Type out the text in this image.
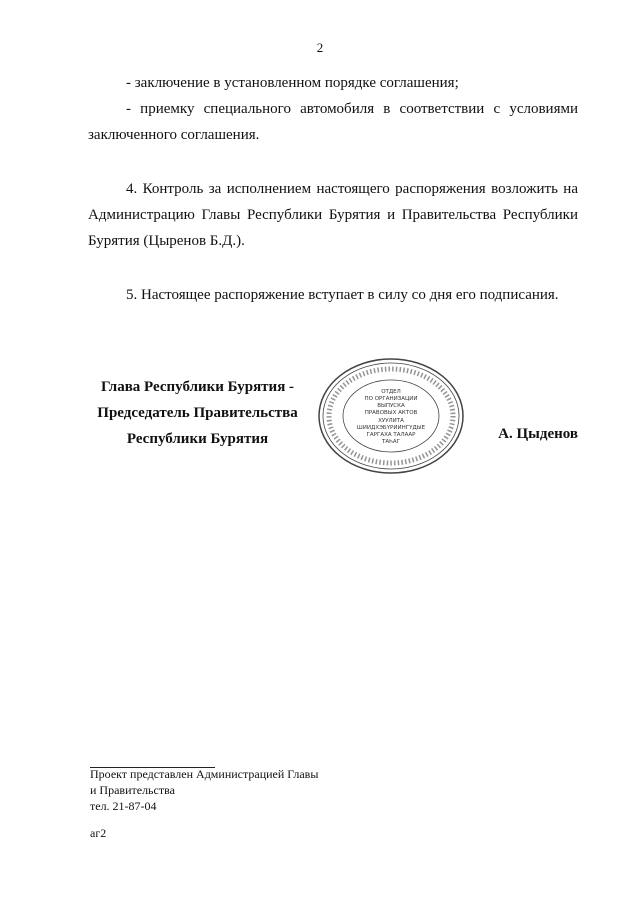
2

- заключение в установленном порядке соглашения;

- приемку специального автомобиля в соответствии с условиями заключенного соглашения.

4. Контроль за исполнением настоящего распоряжения возложить на Администрацию Главы Республики Бурятия и Правительства Республики Бурятия (Цыренов Б.Д.).

5. Настоящее распоряжение вступает в силу со дня его подписания.

Глава Республики Бурятия -
Председатель Правительства
Республики Бурятия
ОТДЕЛ
ПО ОРГАНИЗАЦИИ
ВЫПУСКА
ПРАВОВЫХ АКТОВ
ХУУЛИТА
ШИИДХЭБҮРИИНГҮДЫЕ
ГАРГАХА ТАЛААР
ТАҺАГ	А. Цыденов
Проект представлен Администрацией Главы
и Правительства
тел. 21-87-04
аг2
